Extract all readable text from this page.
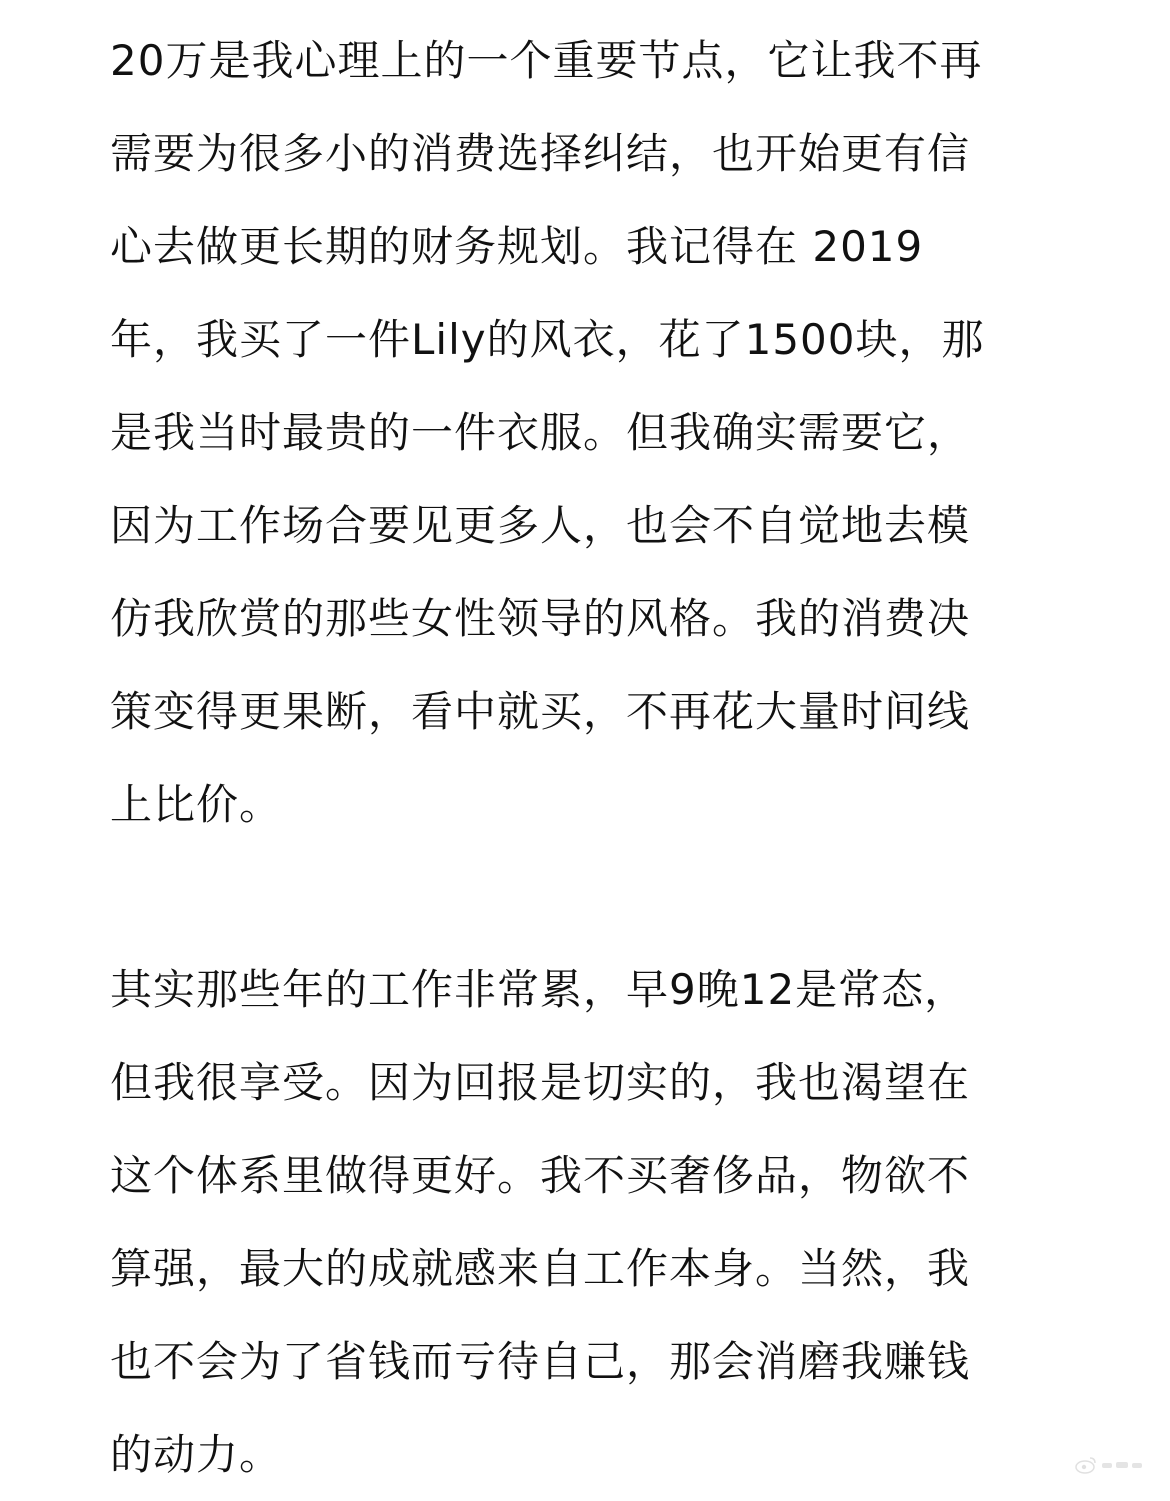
20万是我心理上的一个重要节点，它让我不再
需要为很多小的消费选择纠结，也开始更有信
心去做更长期的财务规划。我记得在 2019
年，我买了一件Lily的风衣，花了1500块，那
是我当时最贵的一件衣服。但我确实需要它，
因为工作场合要见更多人，也会不自觉地去模
仿我欣赏的那些女性领导的风格。我的消费决
策变得更果断，看中就买，不再花大量时间线
上比价。
其实那些年的工作非常累，早9晚12是常态，
但我很享受。因为回报是切实的，我也渴望在
这个体系里做得更好。我不买奢侈品，物欲不
算强，最大的成就感来自工作本身。当然，我
也不会为了省钱而亏待自己，那会消磨我赚钱
的动力。
